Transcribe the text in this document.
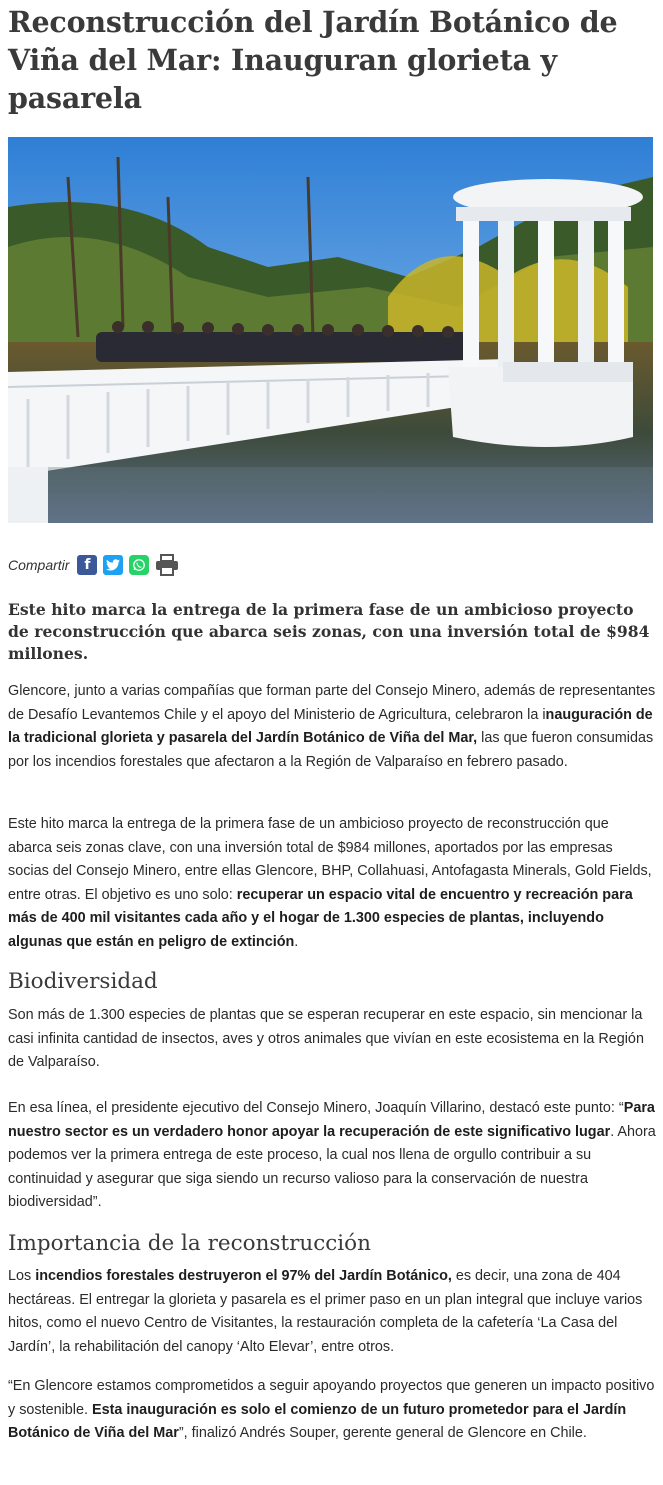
Reconstrucción del Jardín Botánico de Viña del Mar: Inauguran glorieta y pasarela
Compartir	f

Este hito marca la entrega de la primera fase de un ambicioso proyecto de reconstrucción que abarca seis zonas, con una inversión total de $984 millones.

Glencore, junto a varias compañías que forman parte del Consejo Minero, además de representantes de Desafío Levantemos Chile y el apoyo del Ministerio de Agricultura, celebraron la inauguración de la tradicional glorieta y pasarela del Jardín Botánico de Viña del Mar, las que fueron consumidas por los incendios forestales que afectaron a la Región de Valparaíso en febrero pasado.

Este hito marca la entrega de la primera fase de un ambicioso proyecto de reconstrucción que abarca seis zonas clave, con una inversión total de $984 millones, aportados por las empresas socias del Consejo Minero, entre ellas Glencore, BHP, Collahuasi, Antofagasta Minerals, Gold Fields, entre otras. El objetivo es uno solo: recuperar un espacio vital de encuentro y recreación para más de 400 mil visitantes cada año y el hogar de 1.300 especies de plantas, incluyendo algunas que están en peligro de extinción.

Biodiversidad

Son más de 1.300 especies de plantas que se esperan recuperar en este espacio, sin mencionar la casi infinita cantidad de insectos, aves y otros animales que vivían en este ecosistema en la Región de Valparaíso.

En esa línea, el presidente ejecutivo del Consejo Minero, Joaquín Villarino, destacó este punto: “Para nuestro sector es un verdadero honor apoyar la recuperación de este significativo lugar. Ahora podemos ver la primera entrega de este proceso, la cual nos llena de orgullo contribuir a su continuidad y asegurar que siga siendo un recurso valioso para la conservación de nuestra biodiversidad”.

Importancia de la reconstrucción

Los incendios forestales destruyeron el 97% del Jardín Botánico, es decir, una zona de 404 hectáreas. El entregar la glorieta y pasarela es el primer paso en un plan integral que incluye varios hitos, como el nuevo Centro de Visitantes, la restauración completa de la cafetería ‘La Casa del Jardín’, la rehabilitación del canopy ‘Alto Elevar’, entre otros.

“En Glencore estamos comprometidos a seguir apoyando proyectos que generen un impacto positivo y sostenible. Esta inauguración es solo el comienzo de un futuro prometedor para el Jardín Botánico de Viña del Mar”, finalizó Andrés Souper, gerente general de Glencore en Chile.
